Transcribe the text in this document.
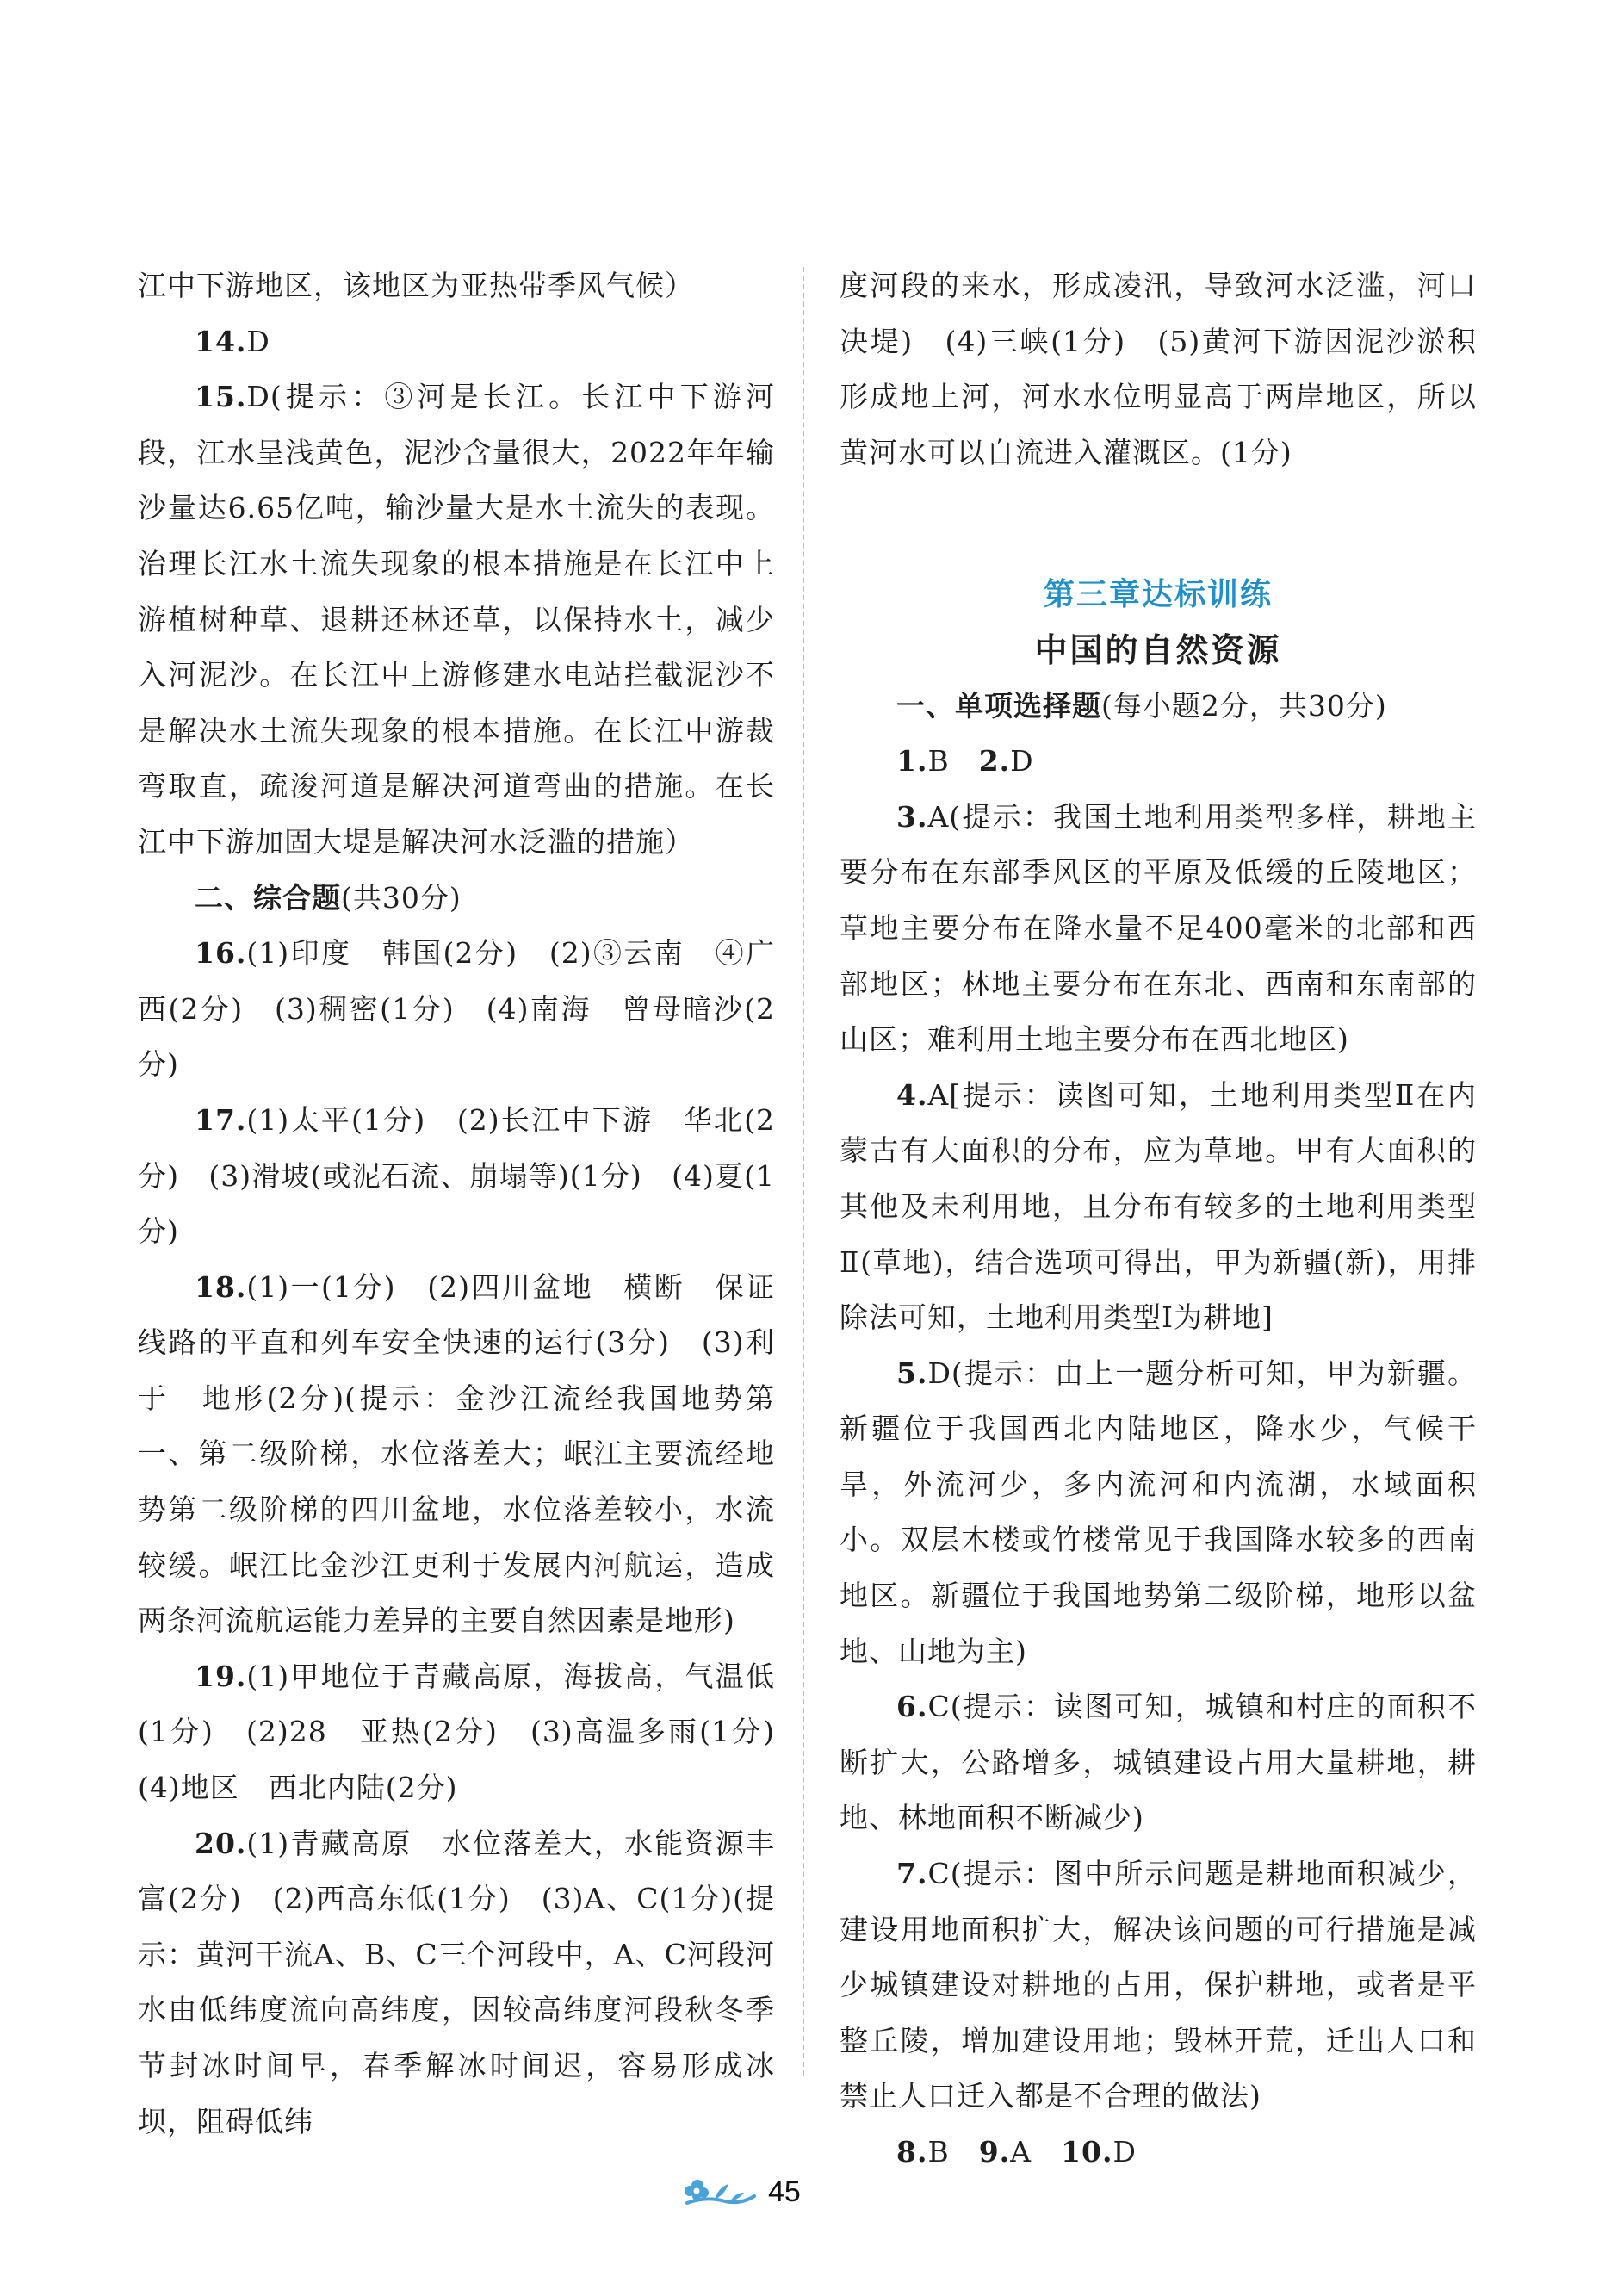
江中下游地区，该地区为亚热带季风气候）

14.D

15.D(提示：③河是长江。长江中下游河段，江水呈浅黄色，泥沙含量很大，2022年年输沙量达6.65亿吨，输沙量大是水土流失的表现。治理长江水土流失现象的根本措施是在长江中上游植树种草、退耕还林还草，以保持水土，减少入河泥沙。在长江中上游修建水电站拦截泥沙不是解决水土流失现象的根本措施。在长江中游裁弯取直，疏浚河道是解决河道弯曲的措施。在长江中下游加固大堤是解决河水泛滥的措施）

二、综合题(共30分)

16.(1)印度　韩国(2分)　(2)③云南　④广西(2分)　(3)稠密(1分)　(4)南海　曾母暗沙(2分)

17.(1)太平(1分)　(2)长江中下游　华北(2分)　(3)滑坡(或泥石流、崩塌等)(1分)　(4)夏(1分)

18.(1)一(1分)　(2)四川盆地　横断　保证线路的平直和列车安全快速的运行(3分)　(3)利于　地形(2分)(提示：金沙江流经我国地势第一、第二级阶梯，水位落差大；岷江主要流经地势第二级阶梯的四川盆地，水位落差较小，水流较缓。岷江比金沙江更利于发展内河航运，造成两条河流航运能力差异的主要自然因素是地形)

19.(1)甲地位于青藏高原，海拔高，气温低(1分)　(2)28　亚热(2分)　(3)高温多雨(1分)　(4)地区　西北内陆(2分)

20.(1)青藏高原　水位落差大，水能资源丰富(2分)　(2)西高东低(1分)　(3)A、C(1分)(提示：黄河干流A、B、C三个河段中，A、C河段河水由低纬度流向高纬度，因较高纬度河段秋冬季节封冰时间早，春季解冰时间迟，容易形成冰坝，阻碍低纬

度河段的来水，形成凌汛，导致河水泛滥，河口决堤)　(4)三峡(1分)　(5)黄河下游因泥沙淤积形成地上河，河水水位明显高于两岸地区，所以黄河水可以自流进入灌溉区。(1分)

第三章达标训练

中国的自然资源

一、单项选择题(每小题2分，共30分)

1.B　 2.D

3.A(提示：我国土地利用类型多样，耕地主要分布在东部季风区的平原及低缓的丘陵地区；草地主要分布在降水量不足400毫米的北部和西部地区；林地主要分布在东北、西南和东南部的山区；难利用土地主要分布在西北地区)

4.A[提示：读图可知，土地利用类型Ⅱ在内蒙古有大面积的分布，应为草地。甲有大面积的其他及未利用地，且分布有较多的土地利用类型Ⅱ(草地)，结合选项可得出，甲为新疆(新)，用排除法可知，土地利用类型Ⅰ为耕地]

5.D(提示：由上一题分析可知，甲为新疆。新疆位于我国西北内陆地区，降水少，气候干旱，外流河少，多内流河和内流湖，水域面积小。双层木楼或竹楼常见于我国降水较多的西南地区。新疆位于我国地势第二级阶梯，地形以盆地、山地为主)

6.C(提示：读图可知，城镇和村庄的面积不断扩大，公路增多，城镇建设占用大量耕地，耕地、林地面积不断减少)

7.C(提示：图中所示问题是耕地面积减少，建设用地面积扩大，解决该问题的可行措施是减少城镇建设对耕地的占用，保护耕地，或者是平整丘陵，增加建设用地；毁林开荒，迁出人口和禁止人口迁入都是不合理的做法)

8.B　 9.A　 10.D

45
